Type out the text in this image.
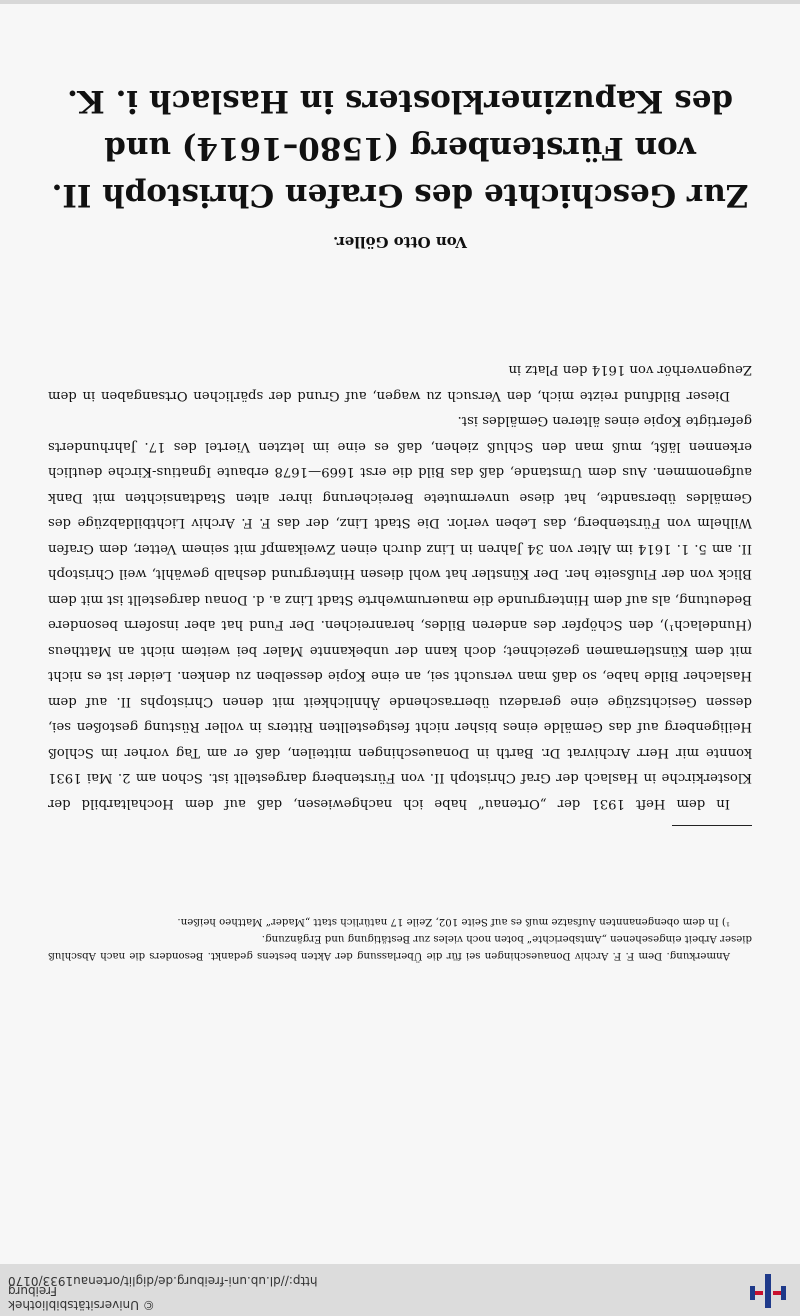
© Universitätsbibliothek Freiburg
http://dl.ub.uni-freiburg.de/diglit/ortenau1933/0170

Anmerkung. Dem F. F. Archiv Donaueschingen sei für die Überlassung der Akten bestens gedankt. Besonders die nach Abschluß dieser Arbeit eingesehenen „Amtsberichte“ boten noch vieles zur Bestätigung und Ergänzung.

¹) In dem obengenannten Aufsatze muß es auf Seite 102, Zeile 17 natürlich statt „Mader“ Mattheo heißen.

In dem Heft 1931 der „Ortenau“ habe ich nachgewiesen, daß auf dem Hochaltarbild der Klosterkirche in Haslach der Graf Christoph II. von Fürstenberg dargestellt ist. Schon am 2. Mai 1931 konnte mir Herr Archivrat Dr. Barth in Donaueschingen mitteilen, daß er am Tag vorher im Schloß Heiligenberg auf das Gemälde eines bisher nicht festgestellten Ritters in voller Rüstung gestoßen sei, dessen Gesichtszüge eine geradezu überraschende Ähnlichkeit mit denen Christophs II. auf dem Haslacher Bilde habe, so daß man versucht sei, an eine Kopie desselben zu denken. Leider ist es nicht mit dem Künstlernamen gezeichnet; doch kann der unbekannte Maler bei weitem nicht an Mattheus (Hundelach¹), den Schöpfer des anderen Bildes, heranreichen. Der Fund hat aber insofern besondere Bedeutung, als auf dem Hintergrunde die mauerumwehrte Stadt Linz a. d. Donau dargestellt ist mit dem Blick von der Flußseite her. Der Künstler hat wohl diesen Hintergrund deshalb gewählt, weil Christoph II. am 5. 1. 1614 im Alter von 34 Jahren in Linz durch einen Zweikampf mit seinem Vetter, dem Grafen Wilhelm von Fürstenberg, das Leben verlor. Die Stadt Linz, der das F. F. Archiv Lichtbildabzüge des Gemäldes übersandte, hat diese unvermutete Bereicherung ihrer alten Stadtansichten mit Dank aufgenommen. Aus dem Umstande, daß das Bild die erst 1669—1678 erbaute Ignatius-Kirche deutlich erkennen läßt, muß man den Schluß ziehen, daß es eine im letzten Viertel des 17. Jahrhunderts gefertigte Kopie eines älteren Gemäldes ist.

Dieser Bildfund reizte mich, den Versuch zu wagen, auf Grund der spärlichen Ortsangaben in dem Zeugenverhör von 1614 den Platz in

Von Otto Göller.
Zur Geschichte des Grafen Christoph II.
von Fürstenberg (1580–1614) und
des Kapuzinerklosters in Haslach i. K.
